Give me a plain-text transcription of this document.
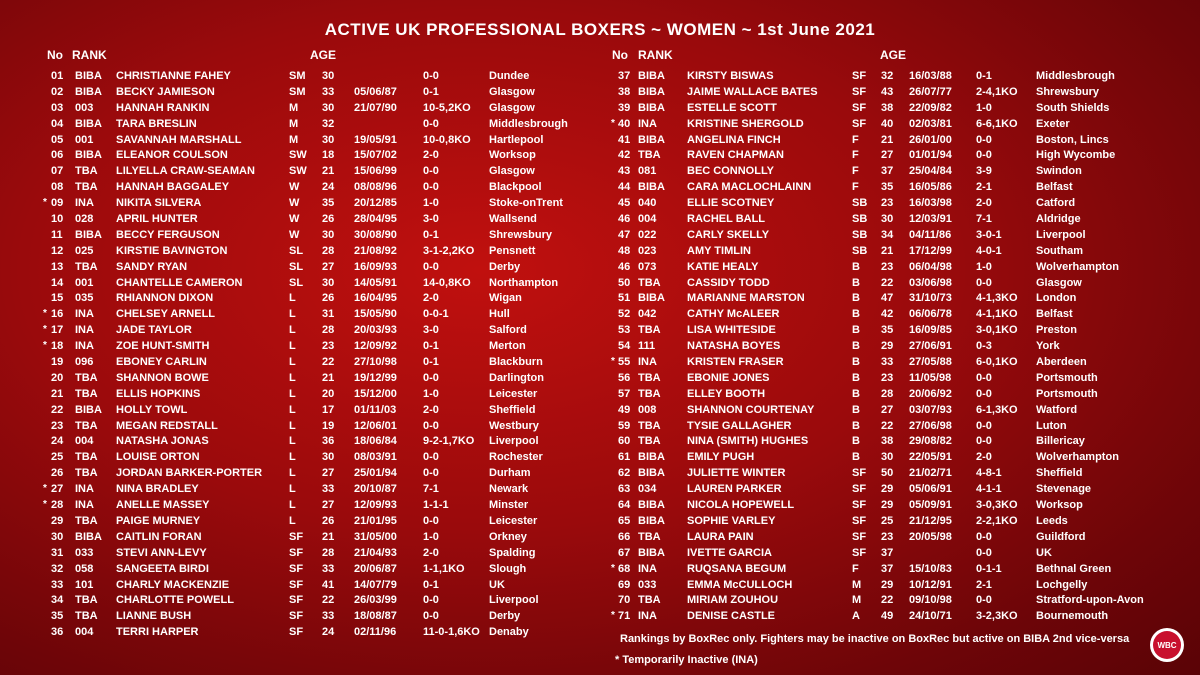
ACTIVE UK PROFESSIONAL BOXERS ~ WOMEN ~ 1st June 2021
No RANK	AGE	No RANK	AGE
01 BIBA CHRISTIANNE FAHEY	SM 30	0-0	Dundee
02 BIBA BECKY JAMIESON	SM 33 05/06/87 0-1	Glasgow
03 003 HANNAH RANKIN	M 30 21/07/90 10-5,2KO Glasgow
04 BIBA TARA BRESLIN	M 32	0-0	Middlesbrough
05 001 SAVANNAH MARSHALL	M 30 19/05/91 10-0,8KO Hartlepool
06 BIBA ELEANOR COULSON	SW 18 15/07/02 2-0	Worksop
07 TBA LILYELLA CRAW-SEAMAN	SW 21 15/06/99 0-0	Glasgow
08 TBA HANNAH BAGGALEY	W 24 08/08/96 0-0	Blackpool
* 09 INA NIKITA SILVERA	W 35 20/12/85 1-0	Stoke-onTrent
10 028 APRIL HUNTER	W 26 28/04/95 3-0	Wallsend
11 BIBA BECCY FERGUSON	W 30 30/08/90 0-1	Shrewsbury
12 025 KIRSTIE BAVINGTON	SL 28 21/08/92 3-1-2,2KO Pensnett
13 TBA SANDY RYAN	SL 27 16/09/93 0-0	Derby
14 001 CHANTELLE CAMERON	SL 30 14/05/91 14-0,8KO Northampton
15 035 RHIANNON DIXON	L 26 16/04/95 2-0	Wigan
* 16 INA CHELSEY ARNELL	L 31 15/05/90 0-0-1	Hull
* 17 INA JADE TAYLOR	L 28 20/03/93 3-0	Salford
* 18 INA ZOE HUNT-SMITH	L 23 12/09/92 0-1	Merton
19 096 EBONEY CARLIN	L 22 27/10/98 0-1	Blackburn
20 TBA SHANNON BOWE	L 21 19/12/99 0-0	Darlington
21 TBA ELLIS HOPKINS	L 20 15/12/00 1-0	Leicester
22 BIBA HOLLY TOWL	L 17 01/11/03 2-0	Sheffield
23 TBA MEGAN REDSTALL	L 19 12/06/01 0-0	Westbury
24 004 NATASHA JONAS	L 36 18/06/84 9-2-1,7KO Liverpool
25 TBA LOUISE ORTON	L 30 08/03/91 0-0	Rochester
26 TBA JORDAN BARKER-PORTER L 27 25/01/94 0-0	Durham
* 27 INA NINA BRADLEY	L 33 20/10/87 7-1	Newark
* 28 INA ANELLE MASSEY	L 27 12/09/93 1-1-1	Minster
29 TBA PAIGE MURNEY	L 26 21/01/95 0-0	Leicester
30 BIBA CAITLIN FORAN	SF 21 31/05/00 1-0	Orkney
31 033 STEVI ANN-LEVY	SF 28 21/04/93 2-0	Spalding
32 058 SANGEETA BIRDI	SF 33 20/06/87 1-1,1KO Slough
33 101 CHARLY MACKENZIE	SF 41 14/07/79 0-1	UK
34 TBA CHARLOTTE POWELL	SF 22 26/03/99 0-0	Liverpool
35 TBA LIANNE BUSH	SF 33 18/08/87 0-0	Derby
36 004 TERRI HARPER	SF 24 02/11/96 11-0-1,6KO Denaby
37 BIBA KIRSTY BISWAS	SF 32 16/03/88 0-1	Middlesbrough
38 BIBA JAIME WALLACE BATES	SF 43 26/07/77 2-4,1KO Shrewsbury
39 BIBA ESTELLE SCOTT	SF 38 22/09/82 1-0	South Shields
* 40 INA	KRISTINE SHERGOLD	SF 40 02/03/81 6-6,1KO Exeter
41 BIBA ANGELINA FINCH	F 21 26/01/00 0-0	Boston, Lincs
42 TBA RAVEN CHAPMAN	F 27 01/01/94 0-0	High Wycombe
43 081	BEC CONNOLLY	F 37 25/04/84 3-9	Swindon
44 BIBA CARA MACLOCHLAINN	F 35 16/05/86 2-1	Belfast
45 040	ELLIE SCOTNEY	SB 23 16/03/98 2-0	Catford
46 004	RACHEL BALL	SB 30 12/03/91 7-1	Aldridge
47 022	CARLY SKELLY	SB 34 04/11/86 3-0-1	Liverpool
48 023	AMY TIMLIN	SB 21 17/12/99 4-0-1	Southam
46 073	KATIE HEALY	B 23 06/04/98 1-0	Wolverhampton
50 TBA CASSIDY TODD	B 22 03/06/98 0-0	Glasgow
51 BIBA MARIANNE MARSTON	B 47 31/10/73 4-1,3KO London
52 042	CATHY McALEER	B 42 06/06/78 4-1,1KO Belfast
53 TBA LISA WHITESIDE	B 35 16/09/85 3-0,1KO Preston
54 111	NATASHA BOYES	B 29 27/06/91 0-3	York
* 55 INA	KRISTEN FRASER	B 33 27/05/88 6-0,1KO Aberdeen
56 TBA EBONIE JONES	B 23 11/05/98 0-0	Portsmouth
57 TBA ELLEY BOOTH	B 28 20/06/92 0-0	Portsmouth
49 008	SHANNON COURTENAY	B 27 03/07/93 6-1,3KO Watford
59 TBA TYSIE GALLAGHER	B 22 27/06/98 0-0	Luton
60 TBA NINA (SMITH) HUGHES	B 38 29/08/82 0-0	Billericay
61 BIBA EMILY PUGH	B 30 22/05/91 2-0	Wolverhampton
62 BIBA JULIETTE WINTER	SF 50 21/02/71 4-8-1	Sheffield
63 034	LAUREN PARKER	SF 29 05/06/91 4-1-1	Stevenage
64 BIBA NICOLA HOPEWELL	SF 29 05/09/91 3-0,3KO Worksop
65 BIBA SOPHIE VARLEY	SF 25 21/12/95 2-2,1KO Leeds
66 TBA LAURA PAIN	SF 23 20/05/98 0-0	Guildford
67 BIBA IVETTE GARCIA	SF 37	0-0	UK
* 68 INA	RUQSANA BEGUM	F 37 15/10/83 0-1-1	Bethnal Green
69 033	EMMA McCULLOCH	M 29 10/12/91 2-1	Lochgelly
70 TBA MIRIAM ZOUHOU	M 22 09/10/98 0-0	Stratford-upon-Avon
* 71 INA	DENISE CASTLE	A 49 24/10/71 3-2,3KO Bournemouth
Rankings by BoxRec only. Fighters may be inactive on BoxRec but active on BIBA 2nd vice-versa
* Temporarily Inactive (INA)
WBC
